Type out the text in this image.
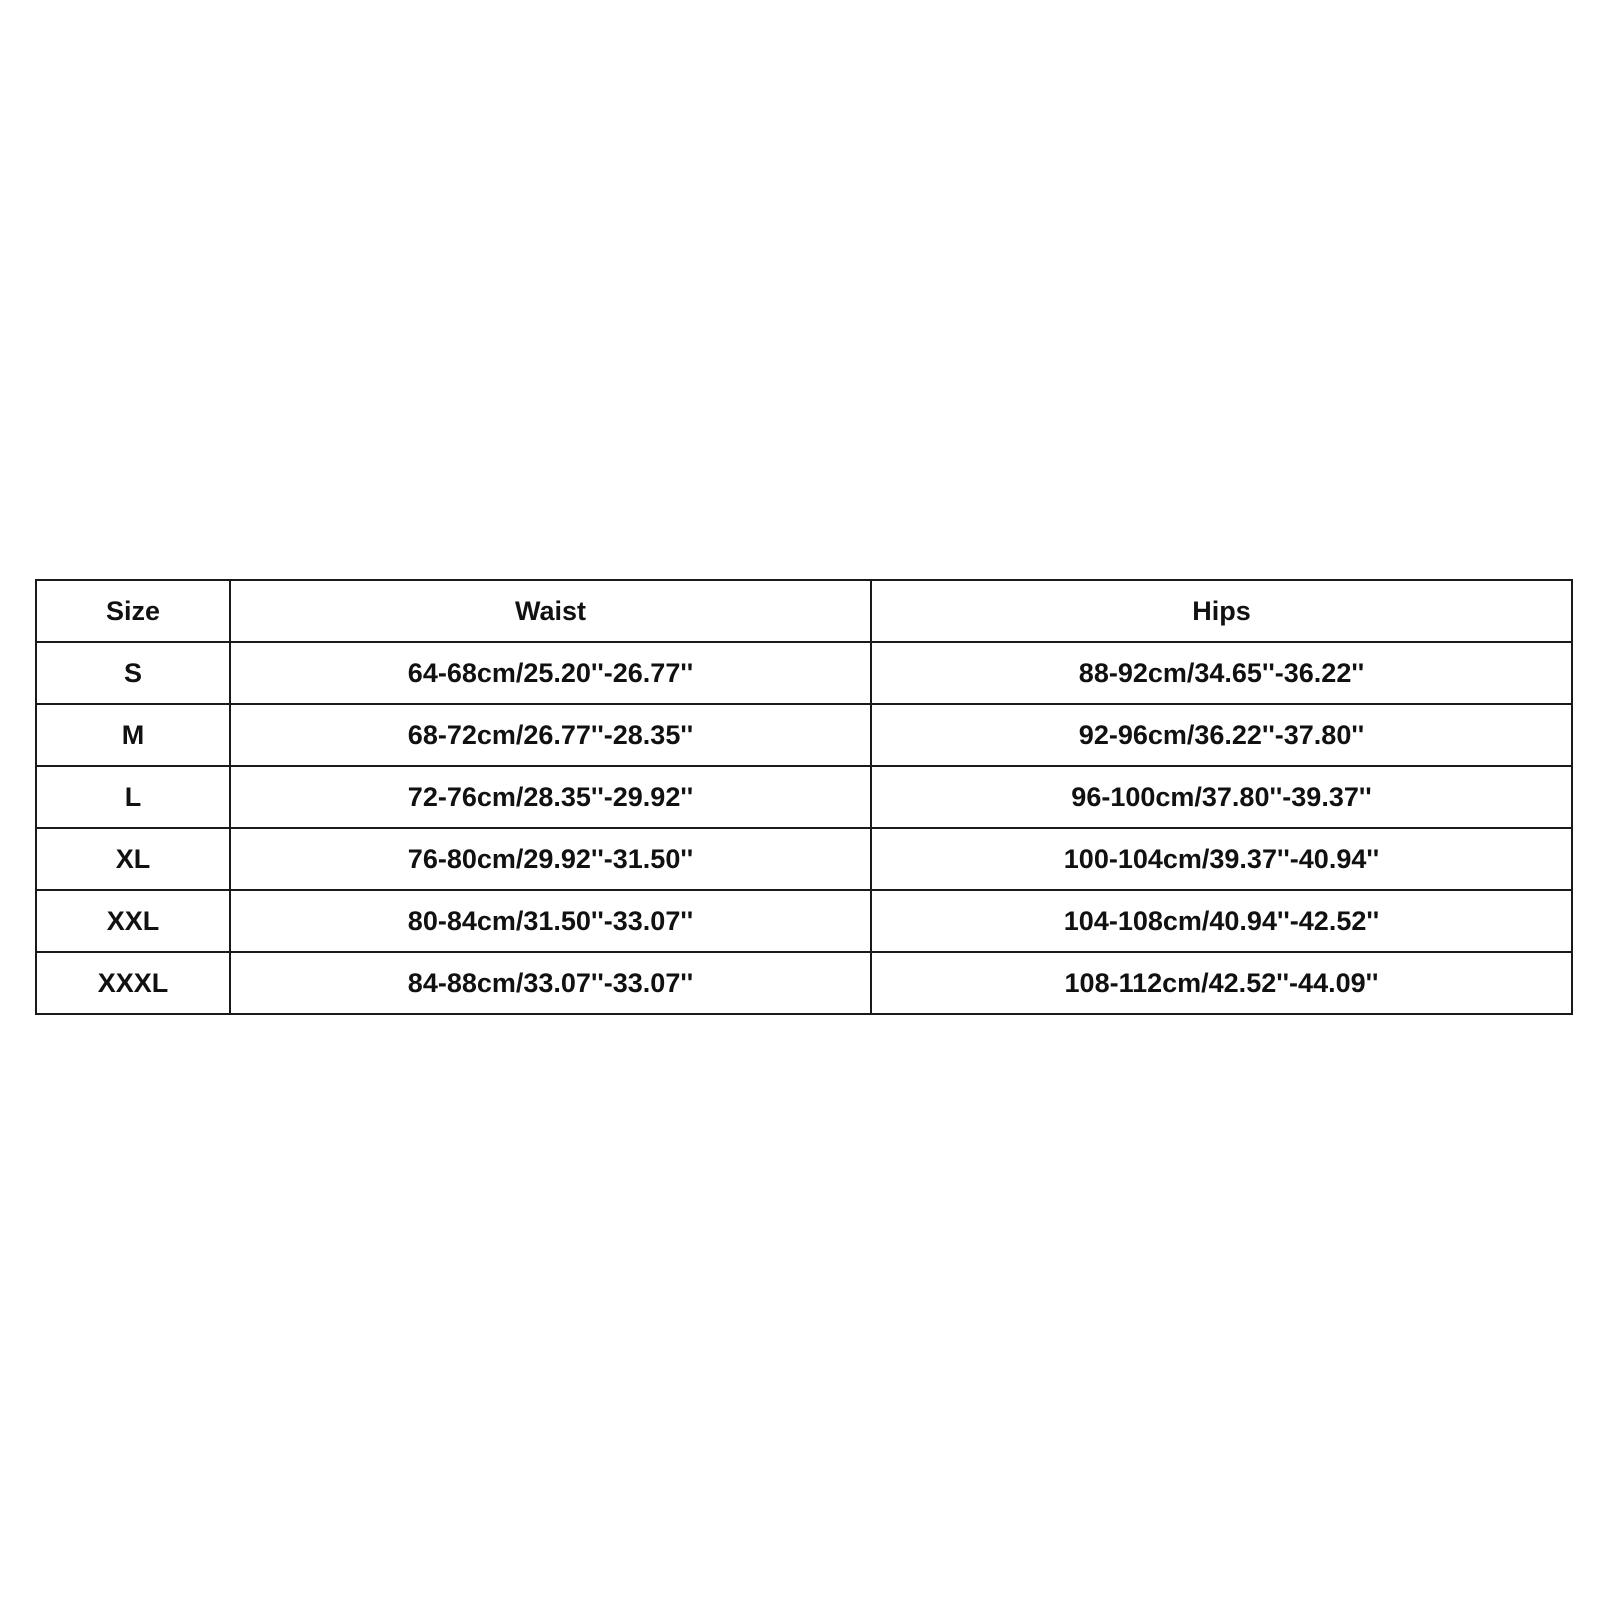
Size	Waist	Hips
S	64-68cm/25.20''-26.77''	88-92cm/34.65''-36.22''
M	68-72cm/26.77''-28.35''	92-96cm/36.22''-37.80''
L	72-76cm/28.35''-29.92''	96-100cm/37.80''-39.37''
XL	76-80cm/29.92''-31.50''	100-104cm/39.37''-40.94''
XXL	80-84cm/31.50''-33.07''	104-108cm/40.94''-42.52''
XXXL	84-88cm/33.07''-33.07''	108-112cm/42.52''-44.09''
